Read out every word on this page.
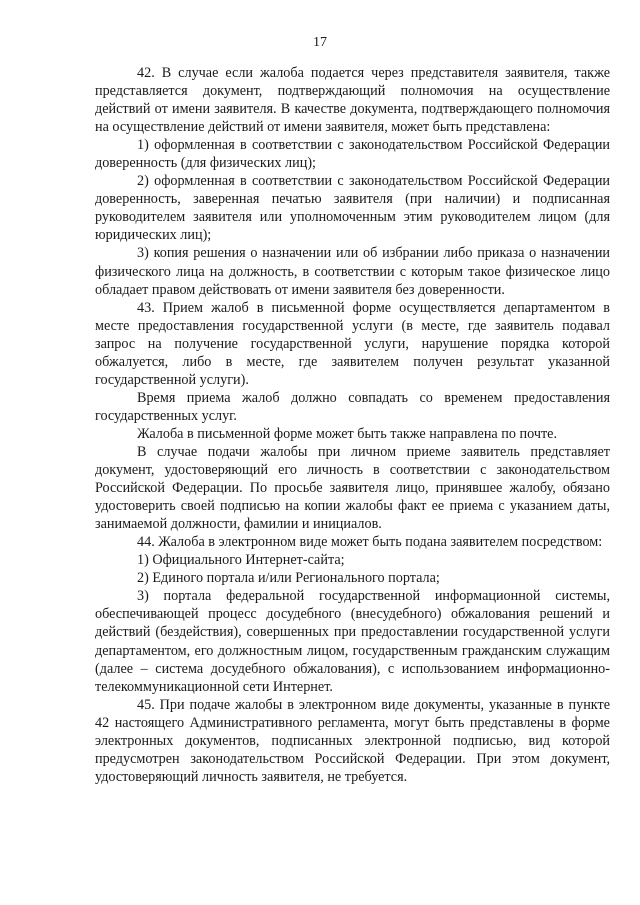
17

42. В случае если жалоба подается через представителя заявителя, также представляется документ, подтверждающий полномочия на осуществление действий от имени заявителя. В качестве документа, подтверждающего полномочия на осуществление действий от имени заявителя, может быть представлена:

1) оформленная в соответствии с законодательством Российской Федерации доверенность (для физических лиц);

2) оформленная в соответствии с законодательством Российской Федерации доверенность, заверенная печатью заявителя (при наличии) и подписанная руководителем заявителя или уполномоченным этим руководителем лицом (для юридических лиц);

3) копия решения о назначении или об избрании либо приказа о назначении физического лица на должность, в соответствии с которым такое физическое лицо обладает правом действовать от имени заявителя без доверенности.

43. Прием жалоб в письменной форме осуществляется департаментом в месте предоставления государственной услуги (в месте, где заявитель подавал запрос на получение государственной услуги, нарушение порядка которой обжалуется, либо в месте, где заявителем получен результат указанной государственной услуги).

Время приема жалоб должно совпадать со временем предоставления государственных услуг.

Жалоба в письменной форме может быть также направлена по почте.

В случае подачи жалобы при личном приеме заявитель представляет документ, удостоверяющий его личность в соответствии с законодательством Российской Федерации. По просьбе заявителя лицо, принявшее жалобу, обязано удостоверить своей подписью на копии жалобы факт ее приема с указанием даты, занимаемой должности, фамилии и инициалов.

44. Жалоба в электронном виде может быть подана заявителем посредством:

1) Официального Интернет-сайта;

2) Единого портала и/или Регионального портала;

3) портала федеральной государственной информационной системы, обеспечивающей процесс досудебного (внесудебного) обжалования решений и действий (бездействия), совершенных при предоставлении государственной услуги департаментом, его должностным лицом, государственным гражданским служащим (далее – система досудебного обжалования), с использованием информационно-телекоммуникационной сети Интернет.

45. При подаче жалобы в электронном виде документы, указанные в пункте 42 настоящего Административного регламента, могут быть представлены в форме электронных документов, подписанных электронной подписью, вид которой предусмотрен законодательством Российской Федерации. При этом документ, удостоверяющий личность заявителя, не требуется.
